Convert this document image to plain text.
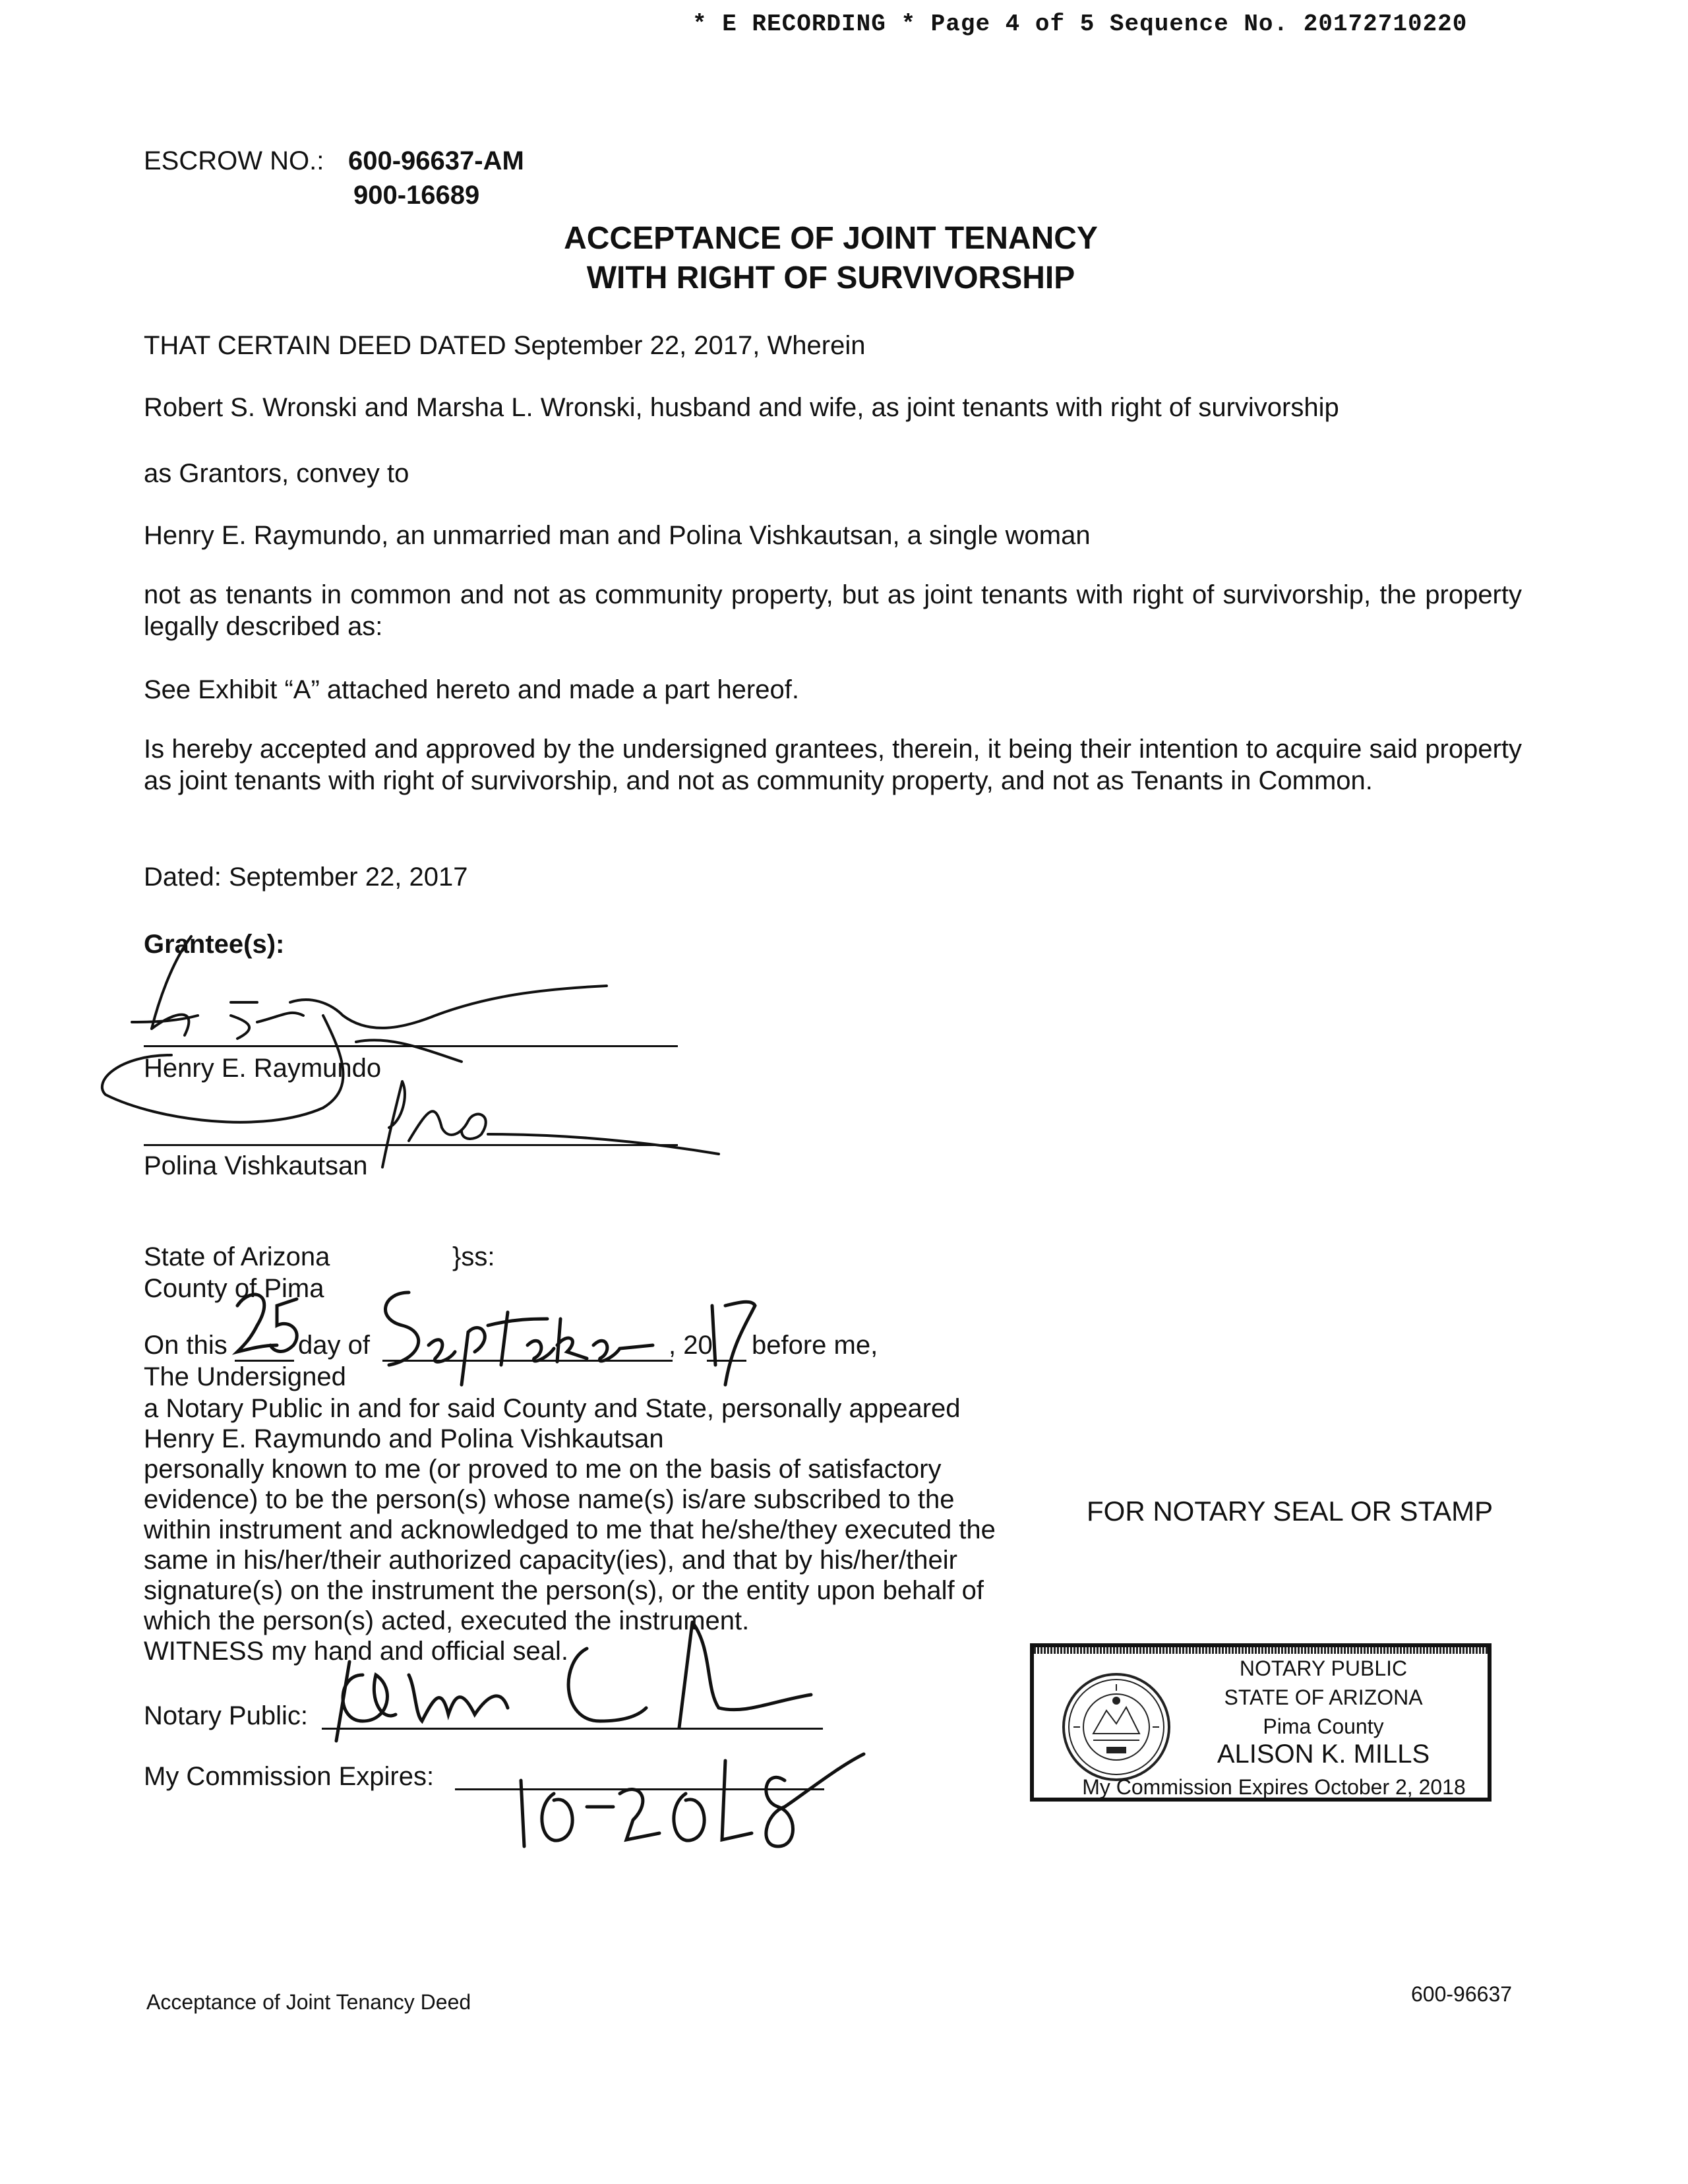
* E RECORDING * Page 4 of 5 Sequence No. 20172710220
ESCROW NO.: 600-96637-AM
900-16689
ACCEPTANCE OF JOINT TENANCY
WITH RIGHT OF SURVIVORSHIP
THAT CERTAIN DEED DATED September 22, 2017, Wherein
Robert S. Wronski and Marsha L. Wronski, husband and wife, as joint tenants with right of survivorship
as Grantors, convey to
Henry E. Raymundo, an unmarried man and Polina Vishkautsan, a single woman
not as tenants in common and not as community property, but as joint tenants with right of survivorship, the property legally described as:
See Exhibit “A” attached hereto and made a part hereof.
Is hereby accepted and approved by the undersigned grantees, therein, it being their intention to acquire said property as joint tenants with right of survivorship, and not as community property, and not as Tenants in Common.
Dated: September 22, 2017
Grantee(s):
Henry E. Raymundo
Polina Vishkautsan
State of Arizona	}ss:
County of Pima
On this	day of	, 20 before me,
The Undersigned
a Notary Public in and for said County and State, personally appeared
Henry E. Raymundo and Polina Vishkautsan
personally known to me (or proved to me on the basis of satisfactory
evidence) to be the person(s) whose name(s) is/are subscribed to the
within instrument and acknowledged to me that he/she/they executed the
same in his/her/their authorized capacity(ies), and that by his/her/their
signature(s) on the instrument the person(s), or the entity upon behalf of
which the person(s) acted, executed the instrument.
WITNESS my hand and official seal.
Notary Public:
My Commission Expires:
FOR NOTARY SEAL OR STAMP
NOTARY PUBLIC
STATE OF ARIZONA
Pima County
ALISON K. MILLS
My Commission Expires October 2, 2018
Acceptance of Joint Tenancy Deed	600-96637
